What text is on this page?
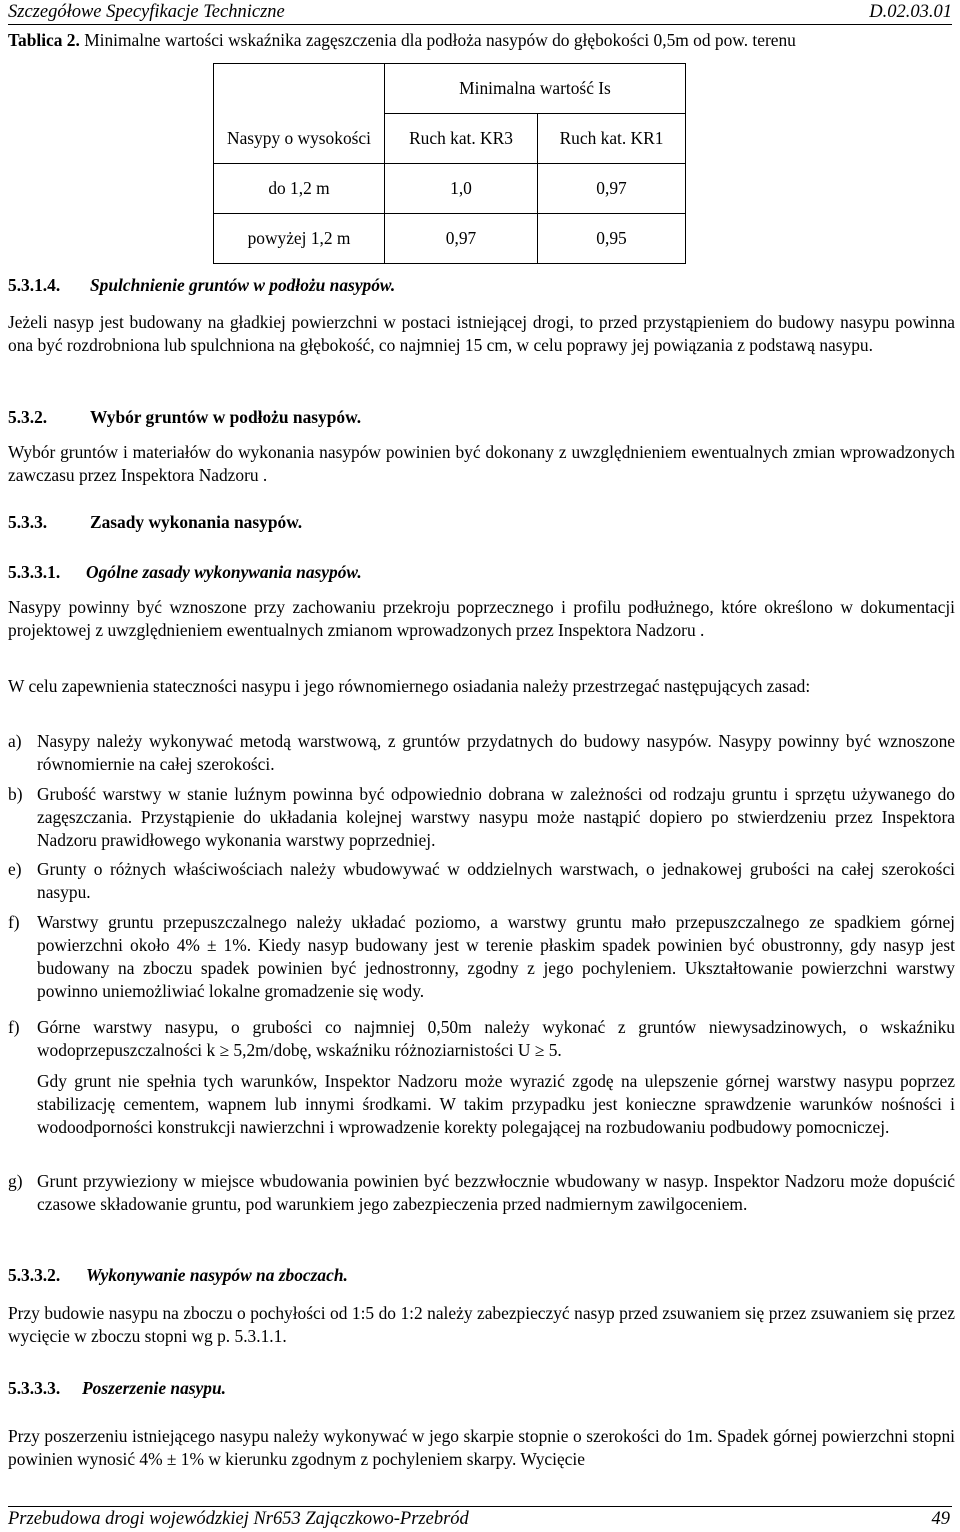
Szczegółowe Specyfikacje Techniczne	D.02.03.01
Tablica 2. Minimalne wartości wskaźnika zagęszczenia dla podłoża nasypów do głębokości 0,5m od pow. terenu
	Minimalna wartość Is	
Nasypy o wysokości	Ruch kat. KR3	Ruch kat. KR1
do 1,2 m	1,0	0,97
powyżej 1,2 m	0,97	0,95
5.3.1.4. Spulchnienie gruntów w podłożu nasypów.
Jeżeli nasyp jest budowany na gładkiej powierzchni w postaci istniejącej drogi, to przed przystąpieniem do budowy nasypu powinna ona być rozdrobniona lub spulchniona na głębokość, co najmniej 15 cm, w celu poprawy jej powiązania z podstawą nasypu.
5.3.2. Wybór gruntów w podłożu nasypów.
Wybór gruntów i materiałów do wykonania nasypów powinien być dokonany z uwzględnieniem ewentualnych zmian wprowadzonych zawczasu przez Inspektora Nadzoru .
5.3.3. Zasady wykonania nasypów.
5.3.3.1. Ogólne zasady wykonywania nasypów.
Nasypy powinny być wznoszone przy zachowaniu przekroju poprzecznego i profilu podłużnego, które określono w dokumentacji projektowej z uwzględnieniem ewentualnych zmianom wprowadzonych przez Inspektora Nadzoru .
W celu zapewnienia stateczności nasypu i jego równomiernego osiadania należy przestrzegać następujących zasad:
a) Nasypy należy wykonywać metodą warstwową, z gruntów przydatnych do budowy nasypów. Nasypy powinny być wznoszone równomiernie na całej szerokości.
b) Grubość warstwy w stanie luźnym powinna być odpowiednio dobrana w zależności od rodzaju gruntu i sprzętu używanego do zagęszczania. Przystąpienie do układania kolejnej warstwy nasypu może nastąpić dopiero po stwierdzeniu przez Inspektora Nadzoru prawidłowego wykonania warstwy poprzedniej.
e) Grunty o różnych właściwościach należy wbudowywać w oddzielnych warstwach, o jednakowej grubości na całej szerokości nasypu.
f) Warstwy gruntu przepuszczalnego należy układać poziomo, a warstwy gruntu mało przepuszczalnego ze spadkiem górnej powierzchni około 4% ± 1%. Kiedy nasyp budowany jest w terenie płaskim spadek powinien być obustronny, gdy nasyp jest budowany na zboczu spadek powinien być jednostronny, zgodny z jego pochyleniem. Ukształtowanie powierzchni warstwy powinno uniemożliwiać lokalne gromadzenie się wody.
f) Górne warstwy nasypu, o grubości co najmniej 0,50m należy wykonać z gruntów niewysadzinowych, o wskaźniku wodoprzepuszczalności k ≥ 5,2m/dobę, wskaźniku różnoziarnistości U ≥ 5.
Gdy grunt nie spełnia tych warunków, Inspektor Nadzoru może wyrazić zgodę na ulepszenie górnej warstwy nasypu poprzez stabilizację cementem, wapnem lub innymi środkami. W takim przypadku jest konieczne sprawdzenie warunków nośności i wodoodporności konstrukcji nawierzchni i wprowadzenie korekty polegającej na rozbudowaniu podbudowy pomocniczej.
g) Grunt przywieziony w miejsce wbudowania powinien być bezzwłocznie wbudowany w nasyp. Inspektor Nadzoru może dopuścić czasowe składowanie gruntu, pod warunkiem jego zabezpieczenia przed nadmiernym zawilgoceniem.
5.3.3.2. Wykonywanie nasypów na zboczach.
Przy budowie nasypu na zboczu o pochyłości od 1:5 do 1:2 należy zabezpieczyć nasyp przed zsuwaniem się przez zsuwaniem się przez wycięcie w zboczu stopni wg p. 5.3.1.1.
5.3.3.3. Poszerzenie nasypu.
Przy poszerzeniu istniejącego nasypu należy wykonywać w jego skarpie stopnie o szerokości do 1m. Spadek górnej powierzchni stopni powinien wynosić 4% ± 1% w kierunku zgodnym z pochyleniem skarpy. Wycięcie
Przebudowa drogi wojewódzkiej Nr653 Zajączkowo-Przebród	49
